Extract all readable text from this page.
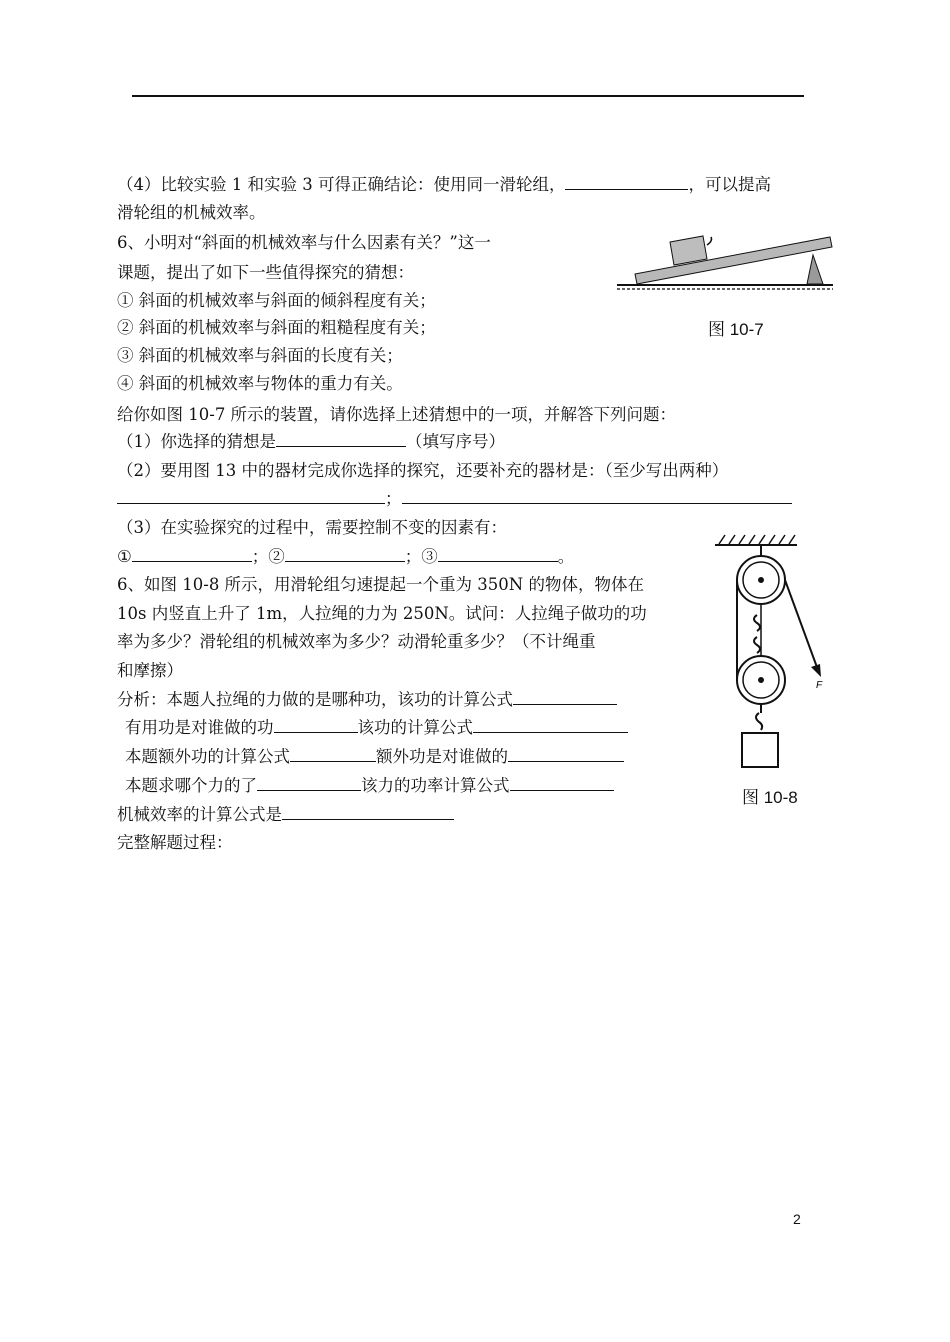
（4）比较实验 1 和实验 3 可得正确结论：使用同一滑轮组，	，可以提高
滑轮组的机械效率。
6、小明对“斜面的机械效率与什么因素有关？”这一
课题，提出了如下一些值得探究的猜想：
① 斜面的机械效率与斜面的倾斜程度有关；
② 斜面的机械效率与斜面的粗糙程度有关；
③ 斜面的机械效率与斜面的长度有关；
④ 斜面的机械效率与物体的重力有关。
给你如图 10-7 所示的装置，请你选择上述猜想中的一项，并解答下列问题：
（1）你选择的猜想是	（填写序号）
（2）要用图 13 中的器材完成你选择的探究，还要补充的器材是：（至少写出两种）
；
（3）在实验探究的过程中，需要控制不变的因素有：
①	；②	；③	。
6、如图 10-8 所示，用滑轮组匀速提起一个重为 350N 的物体，物体在
10s 内竖直上升了 1m，人拉绳的力为 250N。试问：人拉绳子做功的功
率为多少？滑轮组的机械效率为多少？动滑轮重多少？（不计绳重
和摩擦）
分析：本题人拉绳的力做的是哪种功，该功的计算公式
有用功是对谁做的功	该功的计算公式
本题额外功的计算公式	额外功是对谁做的
本题求哪个力的了	该力的功率计算公式
机械效率的计算公式是
完整解题过程：
图 10-7
F
图 10-8
2
